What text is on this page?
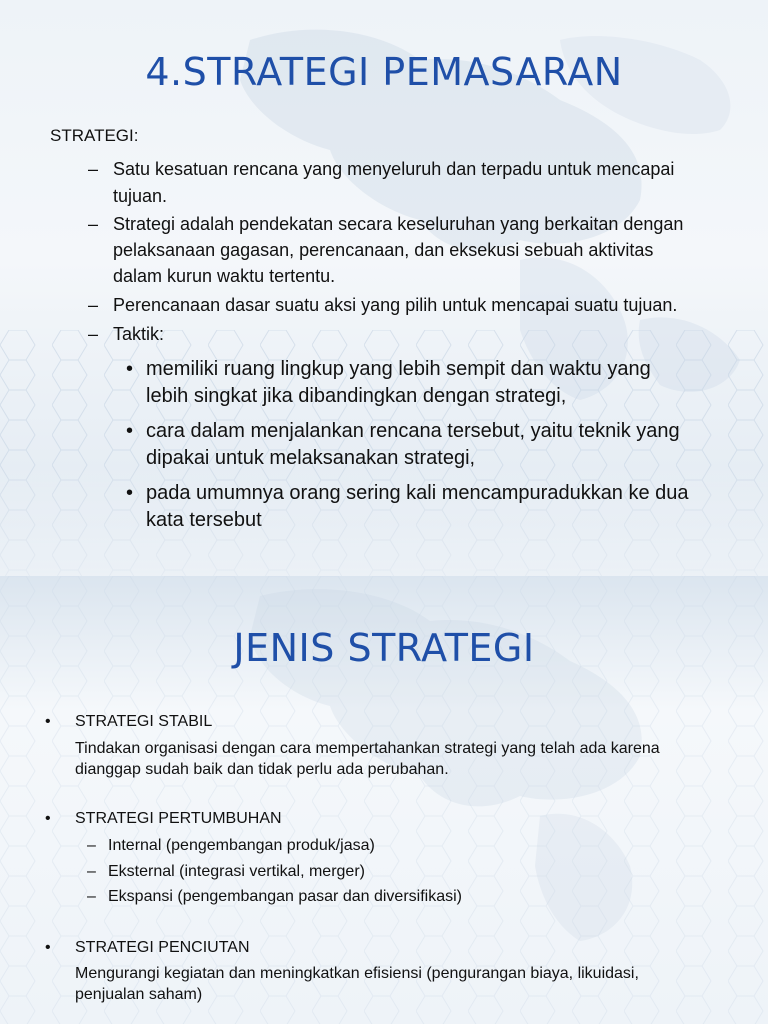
4.STRATEGI PEMASARAN
STRATEGI:
– Satu kesatuan rencana yang menyeluruh dan terpadu untuk mencapai
tujuan.
– Strategi adalah pendekatan secara keseluruhan yang berkaitan dengan
pelaksanaan gagasan, perencanaan, dan eksekusi sebuah aktivitas
dalam kurun waktu tertentu.
– Perencanaan dasar suatu aksi yang pilih untuk mencapai suatu tujuan.
– Taktik:
• memiliki ruang lingkup yang lebih sempit dan waktu yang
lebih singkat jika dibandingkan dengan strategi,
• cara dalam menjalankan rencana tersebut, yaitu teknik yang
dipakai untuk melaksanakan strategi,
• pada umumnya orang sering kali mencampuradukkan ke dua
kata tersebut
JENIS STRATEGI
• STRATEGI STABIL
Tindakan organisasi dengan cara mempertahankan strategi yang telah ada karena
dianggap sudah baik dan tidak perlu ada perubahan.
• STRATEGI PERTUMBUHAN
– Internal (pengembangan produk/jasa)
– Eksternal (integrasi vertikal, merger)
– Ekspansi (pengembangan pasar dan diversifikasi)
• STRATEGI PENCIUTAN
Mengurangi kegiatan dan meningkatkan efisiensi (pengurangan biaya, likuidasi,
penjualan saham)
